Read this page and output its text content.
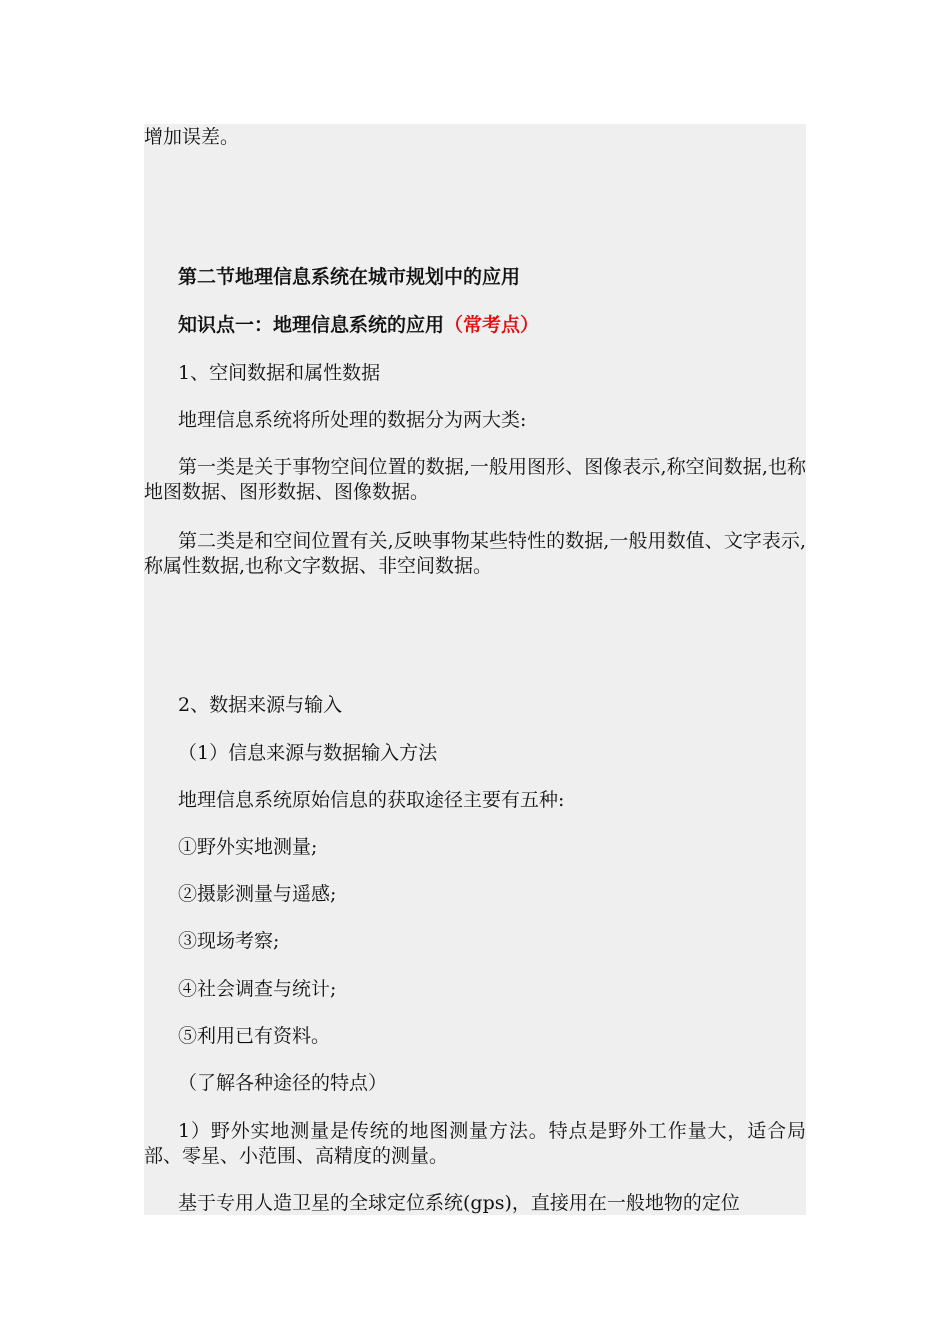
增加误差。
第二节地理信息系统在城市规划中的应用
知识点一：地理信息系统的应用（常考点）
1、空间数据和属性数据
地理信息系统将所处理的数据分为两大类:
第一类是关于事物空间位置的数据,一般用图形、图像表示,称空间数据,也称地图数据、图形数据、图像数据。
第二类是和空间位置有关,反映事物某些特性的数据,一般用数值、文字表示,称属性数据,也称文字数据、非空间数据。
2、数据来源与输入
（1）信息来源与数据输入方法
地理信息系统原始信息的获取途径主要有五种:
①野外实地测量;
②摄影测量与遥感;
③现场考察;
④社会调查与统计;
⑤利用已有资料。
（了解各种途径的特点）
1）野外实地测量是传统的地图测量方法。特点是野外工作量大，适合局部、零星、小范围、高精度的测量。
基于专用人造卫星的全球定位系统(gps)，直接用在一般地物的定位
